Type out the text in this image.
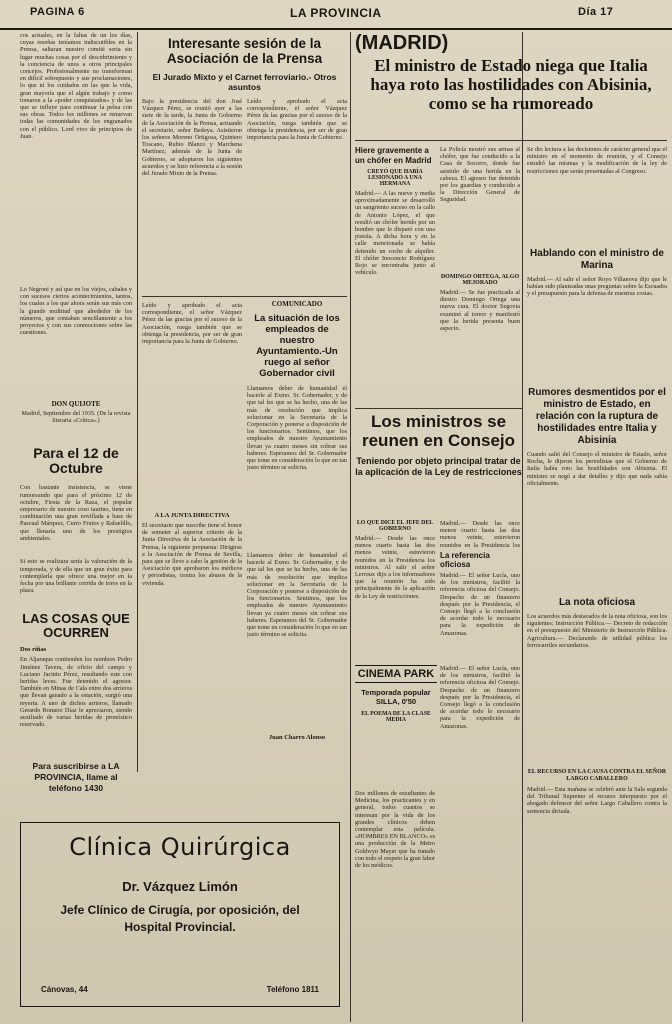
PAGINA 6	LA PROVINCIA	Día 17
cos actuales, en la faltas de un los días, cuyas reseñas teníamos indiscutibles en la Prensa, saltaran nuestro comité seria sin lugar muchas cosas por el descubrimiento y la conciencia de unos a otros principales concejos. Profesionalmente no transforman en difícil sobrepuesto y sus proclamaciones, lo que ni los cuidados en las que la vida, gran mayoría que el algún trabajo y como tomaron a la «poder conquistados» y de las que se influye para continuar la pelea con sus obras. Todos los millones se renuevan todas las comunidades de los engranados con el público. Lord vivo de principios de Juan.
Lo Negroni y así que en los viejos, cabales y con sucesos ciertos acontecimientos, tantos, los cuales a los que ahora serán sus más con la grande multitud que alrededor de los números, que contaban sencillamente a los proyectos y con sus conmociones sobre las cuestiones.
DON QUIJOTE
Madrid, Septiembre del 1935. (De la revista literaria «Crítica».)
Para el 12 de Octubre
Con bastante insistencia, se viene rumoreando que para el próximo 12 de octubre, Fiesta de la Raza, el popular empresario de nuestro coso taurino, tiene en combinación una gran novillada a base de Pascual Márquez, Curro Frutos y Rafaelillo, que llenaría uno de los prestigios ambientales.
Si esto se realizara sería la valoración de la temporada, y de ella que un gran éxito para contemplarla que ofrece una mejor en la fecha por una brillante corrida de toros en la plaza.
LAS COSAS QUE OCURREN
Dos riñas
En Aljaraque contienden los nombres Pedro Jiménez Tavera, de oficio del campo y Luciano Jacinto Pérez, resultando este con heridas leves. Fue detenido el agresor. También en Minas de Cala entre dos arrieros que llevan ganado a la estación, surgió una reyerta. A uno de dichos arrieros, llamado Gerardo Romero Díaz le apreciaron, siendo auxiliado de varias heridas de pronóstico reservado.
Para suscribirse a LA PROVINCIA, llame al teléfono 1430
Interesante sesión de la Asociación de la Prensa
El Jurado Mixto y el Carnet ferroviario.- Otros asuntos
Bajo la presidencia del don José Vázquez Pérez, se reunió ayer a las siete de la tarde, la Junta de Gobierno de la Asociación de la Prensa, actuando el secretario, señor Bedoya. Asistieron los señores Moreno Ortigosa, Quintero Toscano, Rubio Blanco y Marchena Martínez; además de la Junta de Gobierno, se adoptaron los siguientes acuerdos y se hizo referencia a la sesión del Jurado Mixto de la Prensa.
Leído y aprobado el acta correspondiente, el señor Vázquez Pérez da las gracias por el suceso de la Asociación, ruega también que se obtenga la presidencia, por ser de gran importancia para la Junta de Gobierno.
Leído y aprobado el acta correspondiente, el señor Vázquez Pérez da las gracias por el suceso de la Asociación, ruega también que se obtenga la presidencia, por ser de gran importancia para la Junta de Gobierno.
COMUNICADO
La situación de los empleados de nuestro Ayuntamiento.-Un ruego al señor Gobernador civil
Llamamos deber de humanidad el hacerle al Exmo. Sr. Gobernador, y de que tal les que se ha hecho, una de las más de resolución que implica solucionar en la Secretaría de la Corporación y ponerse a disposición de los funcionarios. Sentimos, que los empleados de nuestro Ayuntamiento llevan ya cuatro meses sin cobrar sus haberes. Esperamos del Sr. Gobernador que tome en consideración lo que en tan justo término se solicita.
A LA JUNTA DIRECTIVA
El secretario que suscribe tiene el honor de someter al superior criterio de la Junta Directiva de la Asociación de la Prensa, la siguiente propuesta: Dirigirse a la Asociación de Prensa de Sevilla, para que se lleve a cabo la gestión de la Asociación que aprobaron los médicos y periodistas, contra los abusos de la vivienda.
Llamamos deber de humanidad el hacerle al Exmo. Sr. Gobernador, y de que tal les que se ha hecho, una de las más de resolución que implica solucionar en la Secretaría de la Corporación y ponerse a disposición de los funcionarios. Sentimos, que los empleados de nuestro Ayuntamiento llevan ya cuatro meses sin cobrar sus haberes. Esperamos del Sr. Gobernador que tome en consideración lo que en tan justo término se solicita.
Juan Charro Alonso
(MADRID)
El ministro de Estado niega que Italia haya roto las hostilidades con Abisinia, como se ha rumoreado
Hiere gravemente a un chófer en Madrid
CREYÓ QUE HABÍA LESIONADO A UNA HERMANA
Madrid.— A las nueve y media aproximadamente se desarrolló un sangriento suceso en la calle de Antonio López, el que resultó un chófer herido por un hombre que le disparó con una pistola. A dicha hora y en la calle mencionada se había detenido un coche de alquiler. El chófer Inocencio Rodríguez Rojo se encontraba junto al vehículo.
La Policía mostró sus armas al chófer, que fue conducido a la Casa de Socorro, donde fue asistido de una herida en la cabeza. El agresor fue detenido por los guardias y conducido a la Dirección General de Seguridad.
DOMINGO ORTEGA, ALGO MEJORADO
Madrid.— Se fue practicada al diestro Domingo Ortega una nueva cura. El doctor Segovia examinó al torero y manifestó que la herida presenta buen aspecto.
Los ministros se reunen en Consejo
Teniendo por objeto principal tratar de la aplicación de la Ley de restricciones
LO QUE DICE EL JEFE DEL GOBIERNO
Madrid.— Desde las once menos cuarto hasta las dos menos veinte, estuvieron reunidos en la Presidencia los ministros. Al salir el señor Lerroux dijo a los informadores que la reunión ha sido principalmente de la aplicación de la Ley de restricciones.
Madrid.— Desde las once menos cuarto hasta las dos menos veinte, estuvieron reunidos en la Presidencia los
La referencia oficiosa
Madrid.— El señor Lucía, uno de los ministros, facilitó la referencia oficiosa del Consejo. Despacho de un finanzero después por la Presidencia, el Consejo llegó a la conclusión de acordar todo lo necesario para la expedición de Amazonas.
CINEMA PARK
Temporada popular SILLA, 0'50
EL POEMA DE LA CLASE MEDIA
Dos millones de estudiantes de Medicina, los practicantes y en general, todos cuantos se interesan por la vida de los grandes clínicos deben contemplar esta película. «HOMBRES EN BLANCO» es una producción de la Metro Goldwyn Mayer que ha tratado con todo el respeto la gran labor de los médicos.
Madrid.— El señor Lucía, uno de los ministros, facilitó la referencia oficiosa del Consejo. Despacho de un finanzero después por la Presidencia, el Consejo llegó a la conclusión de acordar todo lo necesario para la expedición de Amazonas.
Se dio lectura a las decisiones de carácter general que el ministro en el momento de reunión, y el Consejo estudió las mismas y la modificación de la ley de restricciones que serán presentadas al Congreso.
Hablando con el ministro de Marina
Madrid.— Al salir el señor Royo Villanova dijo que le habían sido planteadas unas preguntas sobre la Escuadra y el presupuesto para la defensa de nuestras costas.
Rumores desmentidos por el ministro de Estado, en relación con la ruptura de hostilidades entre Italia y Abisinia
Cuando salió del Consejo el ministro de Estado, señor Rocha, le dijeron los periodistas que el Gobierno de Italia había roto las hostilidades con Abisinia. El ministro se negó a dar detalles y dijo que nada sabía oficialmente.
La nota oficiosa
Los acuerdos más destacados de la nota oficiosa, son los siguientes: Instrucción Pública.— Decreto de redacción en el presupuesto del Ministerio de Instrucción Pública. Agricultura.— Declarando de utilidad pública los ferrocarriles secundarios.
EL RECURSO EN LA CAUSA CONTRA EL SEÑOR LARGO CABALLERO
Madrid.— Esta mañana se celebró ante la Sala segunda del Tribunal Supremo el recurso interpuesto por el abogado defensor del señor Largo Caballero contra la sentencia dictada.
Clínica Quirúrgica
Dr. Vázquez Limón
Jefe Clínico de Cirugía, por oposición, del Hospital Provincial.
Cánovas, 44	Teléfono 1811
